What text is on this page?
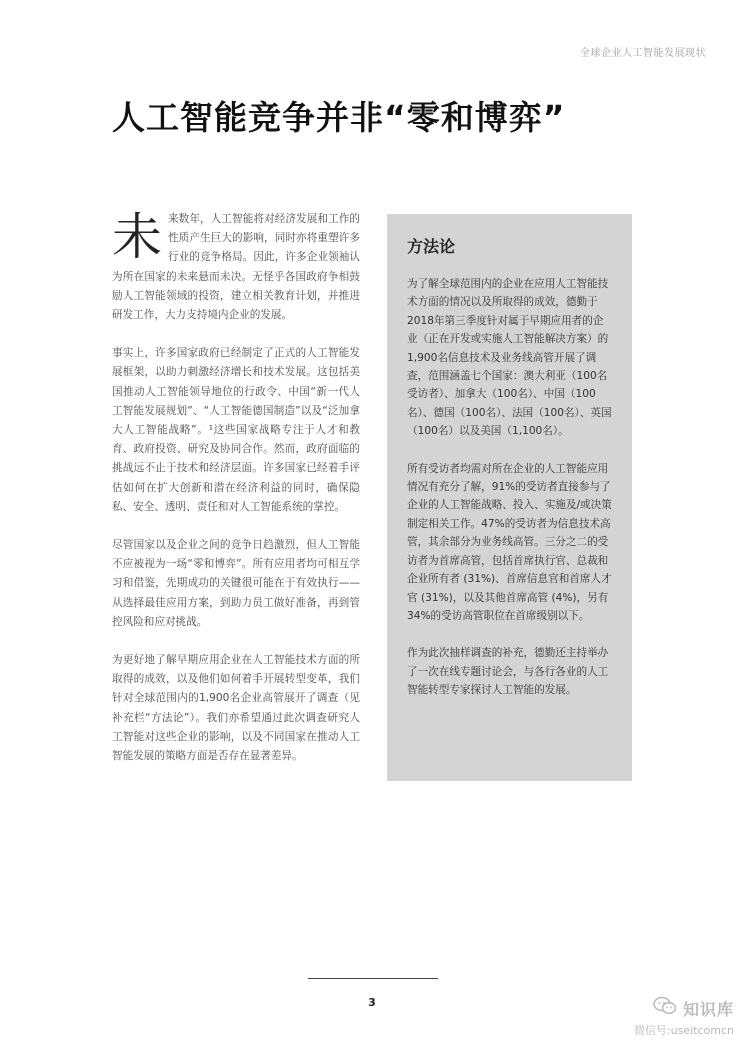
全球企业人工智能发展现状
人工智能竞争并非“零和博弈”

未来数年，人工智能将对经济发展和工作的性质产生巨大的影响，同时亦将重塑许多行业的竞争格局。因此，许多企业领袖认为所在国家的未来悬而未决。无怪乎各国政府争相鼓励人工智能领域的投资，建立相关教育计划，并推进研发工作，大力支持境内企业的发展。

事实上，许多国家政府已经制定了正式的人工智能发展框架，以助力刺激经济增长和技术发展。这包括美国推动人工智能领导地位的行政令、中国“新一代人工智能发展规划”、“人工智能德国制造”以及“泛加拿大人工智能战略”。¹这些国家战略专注于人才和教育、政府投资、研究及协同合作。然而，政府面临的挑战远不止于技术和经济层面。许多国家已经着手评估如何在扩大创新和潜在经济利益的同时，确保隐私、安全、透明、责任和对人工智能系统的掌控。

尽管国家以及企业之间的竞争日趋激烈，但人工智能不应被视为一场“零和博弈”。所有应用者均可相互学习和借鉴，先期成功的关键很可能在于有效执行——从选择最佳应用方案，到助力员工做好准备，再到管控风险和应对挑战。

为更好地了解早期应用企业在人工智能技术方面的所取得的成效，以及他们如何着手开展转型变革，我们针对全球范围内的1,900名企业高管展开了调查（见补充栏“方法论”）。我们亦希望通过此次调查研究人工智能对这些企业的影响，以及不同国家在推动人工智能发展的策略方面是否存在显著差异。

方法论

为了解全球范围内的企业在应用人工智能技术方面的情况以及所取得的成效，德勤于2018年第三季度针对属于早期应用者的企业（正在开发或实施人工智能解决方案）的1,900名信息技术及业务线高管开展了调查，范围涵盖七个国家：澳大利亚（100名受访者）、加拿大（100名）、中国（100名）、德国（100名）、法国（100名）、英国（100名）以及美国（1,100名）。

所有受访者均需对所在企业的人工智能应用情况有充分了解，91%的受访者直接参与了企业的人工智能战略、投入、实施及/或决策制定相关工作。47%的受访者为信息技术高管，其余部分为业务线高管。三分之二的受访者为首席高管，包括首席执行官、总裁和企业所有者 (31%)、首席信息官和首席人才官 (31%)，以及其他首席高管 (4%)，另有34%的受访高管职位在首席级别以下。

作为此次抽样调查的补充，德勤还主持举办了一次在线专题讨论会，与各行各业的人工智能转型专家探讨人工智能的发展。

3	知识库
微信号:useitcomcn
